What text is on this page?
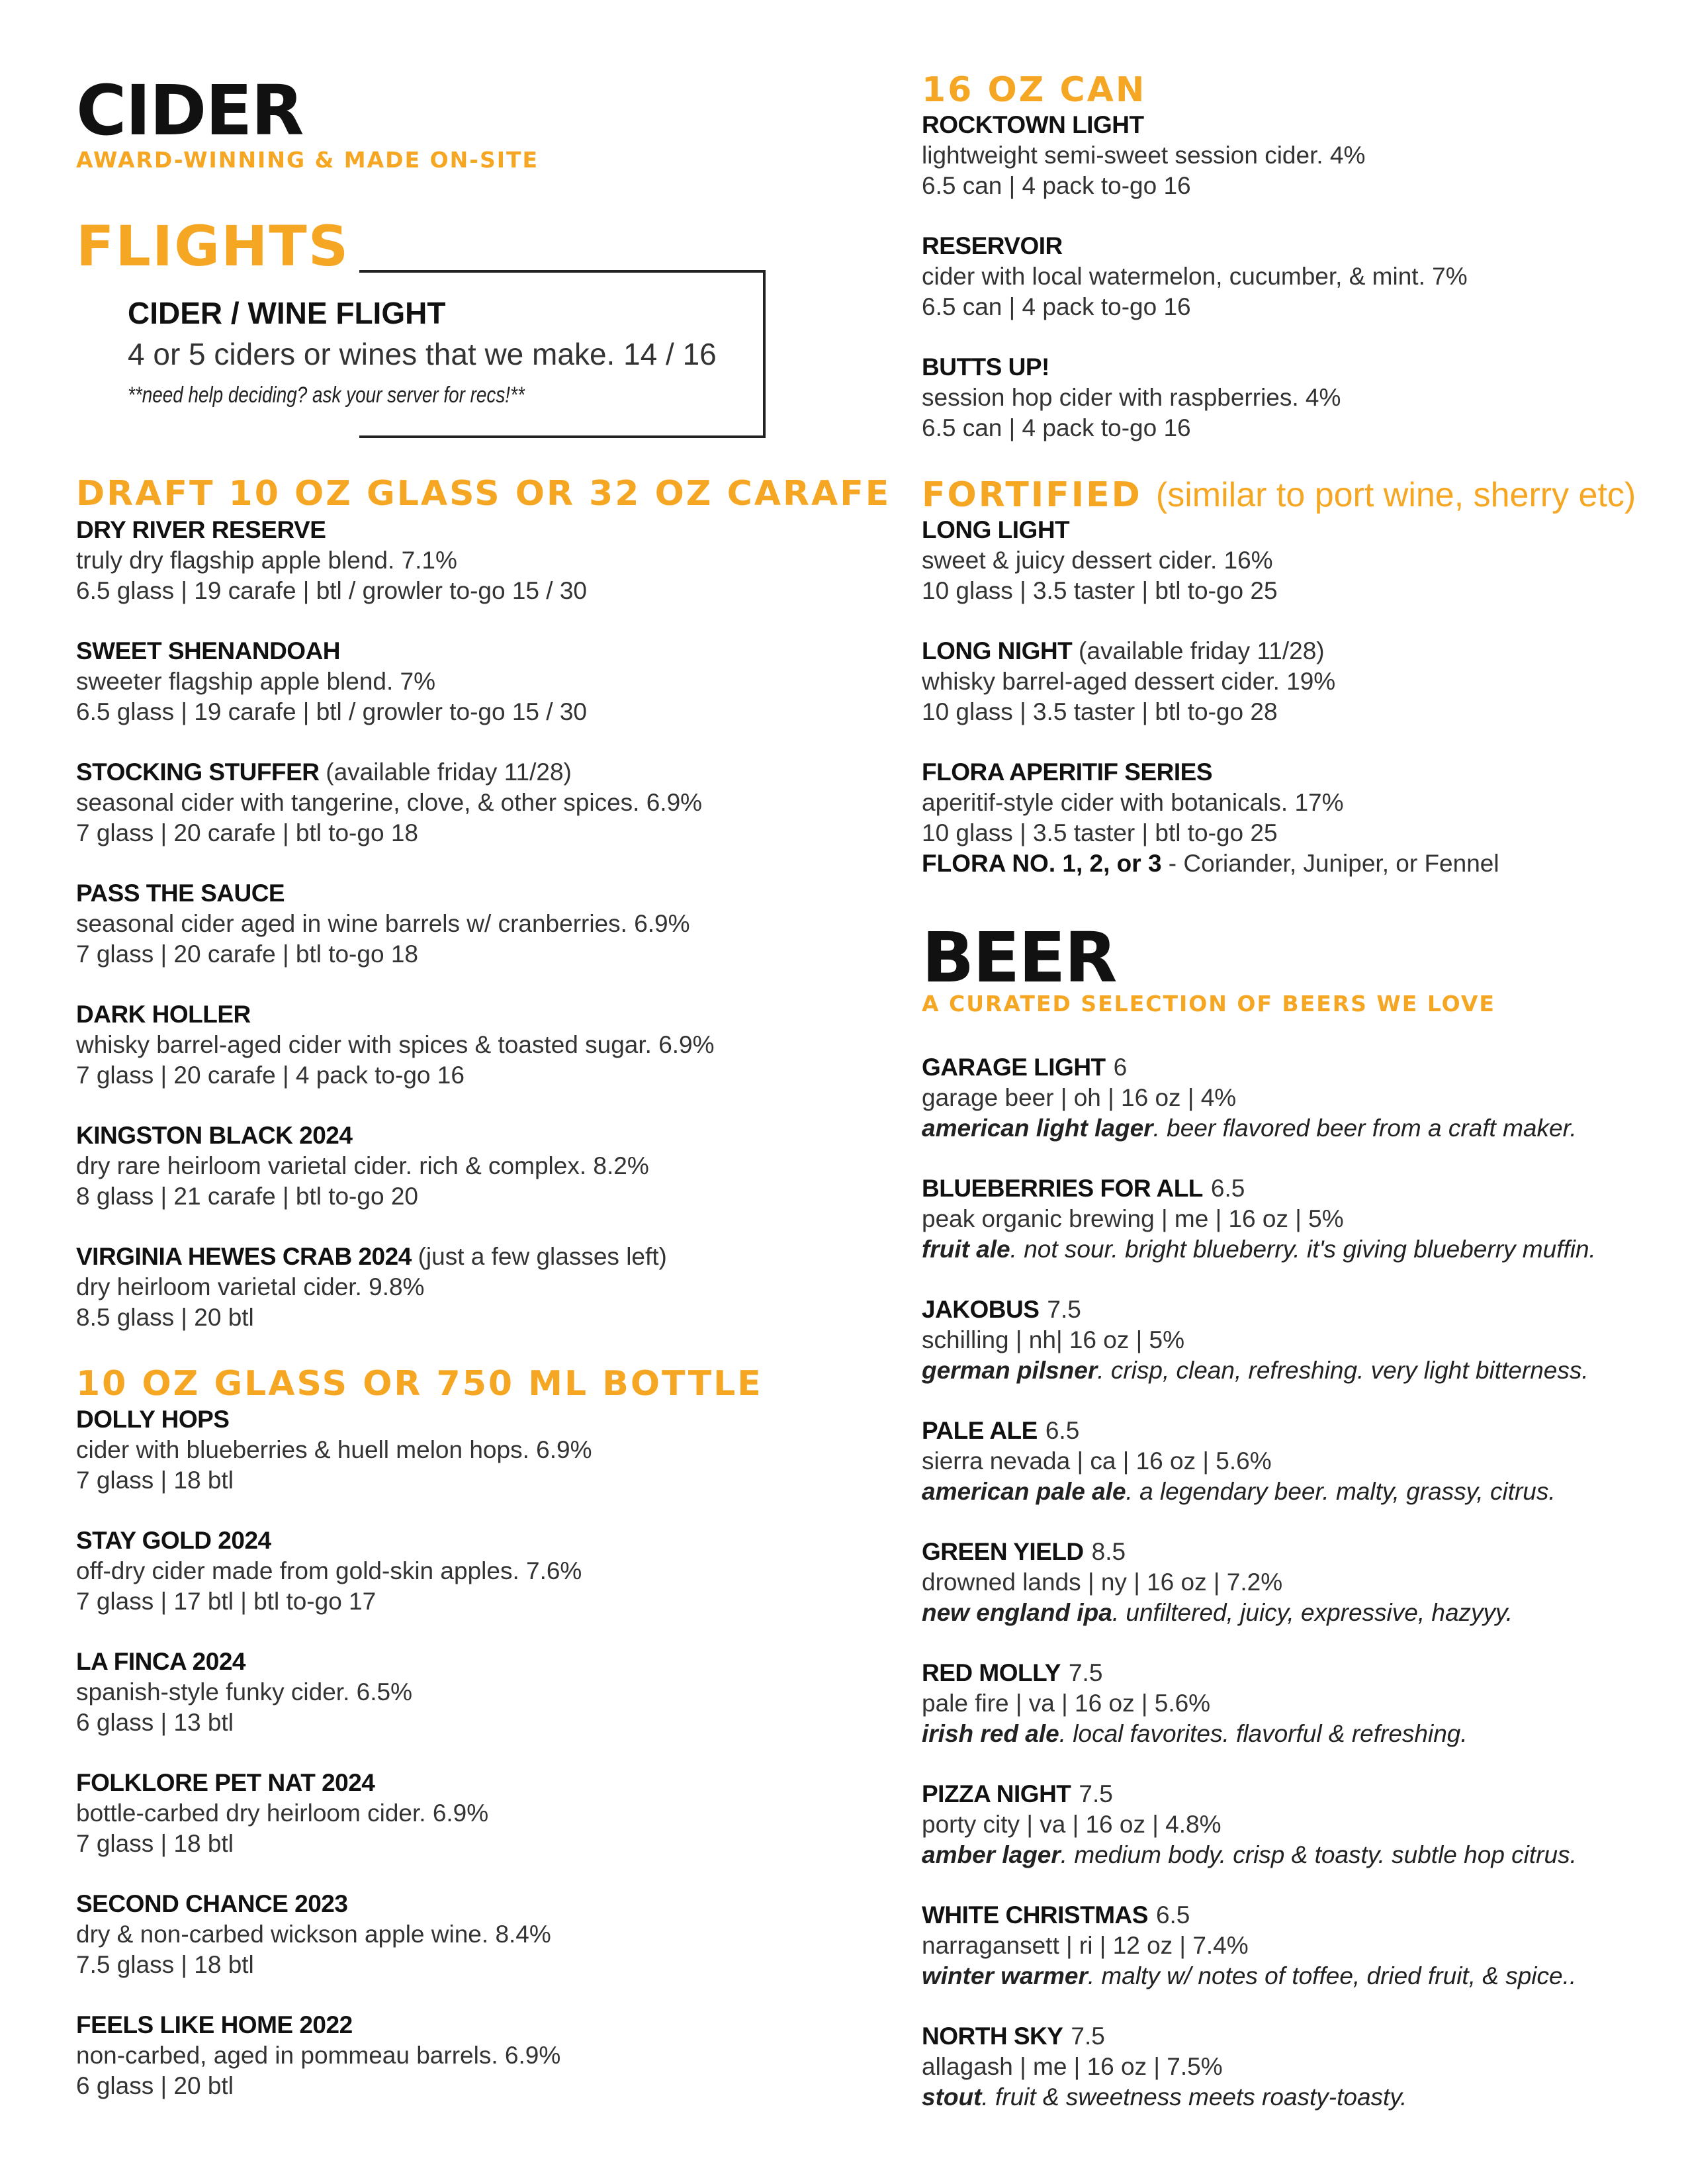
CIDER
AWARD-WINNING & MADE ON-SITE
FLIGHTS
CIDER / WINE FLIGHT
4 or 5 ciders or wines that we make. 14 / 16
**need help deciding? ask your server for recs!**
DRAFT 10 OZ GLASS OR 32 OZ CARAFE
DRY RIVER RESERVE
truly dry flagship apple blend. 7.1%
6.5 glass | 19 carafe | btl / growler to-go 15 / 30
SWEET SHENANDOAH
sweeter flagship apple blend. 7%
6.5 glass | 19 carafe | btl / growler to-go 15 / 30
STOCKING STUFFER (available friday 11/28)
seasonal cider with tangerine, clove, & other spices. 6.9%
7 glass | 20 carafe | btl to-go 18
PASS THE SAUCE
seasonal cider aged in wine barrels w/ cranberries. 6.9%
7 glass | 20 carafe | btl to-go 18
DARK HOLLER
whisky barrel-aged cider with spices & toasted sugar. 6.9%
7 glass | 20 carafe | 4 pack to-go 16
KINGSTON BLACK 2024
dry rare heirloom varietal cider. rich & complex. 8.2%
8 glass | 21 carafe | btl to-go 20
VIRGINIA HEWES CRAB 2024 (just a few glasses left)
dry heirloom varietal cider. 9.8%
8.5 glass | 20 btl
10 OZ GLASS OR 750 ML BOTTLE
DOLLY HOPS
cider with blueberries & huell melon hops. 6.9%
7 glass | 18 btl
STAY GOLD 2024
off-dry cider made from gold-skin apples. 7.6%
7 glass | 17 btl | btl to-go 17
LA FINCA 2024
spanish-style funky cider. 6.5%
6 glass | 13 btl
FOLKLORE PET NAT 2024
bottle-carbed dry heirloom cider. 6.9%
7 glass | 18 btl
SECOND CHANCE 2023
dry & non-carbed wickson apple wine. 8.4%
7.5 glass | 18 btl
FEELS LIKE HOME 2022
non-carbed, aged in pommeau barrels. 6.9%
6 glass | 20 btl
16 OZ CAN
ROCKTOWN LIGHT
lightweight semi-sweet session cider. 4%
6.5 can | 4 pack to-go 16
RESERVOIR
cider with local watermelon, cucumber, & mint. 7%
6.5 can | 4 pack to-go 16
BUTTS UP!
session hop cider with raspberries. 4%
6.5 can | 4 pack to-go 16
FORTIFIED (similar to port wine, sherry etc)
LONG LIGHT
sweet & juicy dessert cider. 16%
10 glass | 3.5 taster | btl to-go 25
LONG NIGHT (available friday 11/28)
whisky barrel-aged dessert cider. 19%
10 glass | 3.5 taster | btl to-go 28
FLORA APERITIF SERIES
aperitif-style cider with botanicals. 17%
10 glass | 3.5 taster | btl to-go 25
FLORA NO. 1, 2, or 3 - Coriander, Juniper, or Fennel
BEER
A CURATED SELECTION OF BEERS WE LOVE
GARAGE LIGHT 6
garage beer | oh | 16 oz | 4%
american light lager. beer flavored beer from a craft maker.
BLUEBERRIES FOR ALL 6.5
peak organic brewing | me | 16 oz | 5%
fruit ale. not sour. bright blueberry. it's giving blueberry muffin.
JAKOBUS 7.5
schilling | nh| 16 oz | 5%
german pilsner. crisp, clean, refreshing. very light bitterness.
PALE ALE 6.5
sierra nevada | ca | 16 oz | 5.6%
american pale ale. a legendary beer. malty, grassy, citrus.
GREEN YIELD 8.5
drowned lands | ny | 16 oz | 7.2%
new england ipa. unfiltered, juicy, expressive, hazyyy.
RED MOLLY 7.5
pale fire | va | 16 oz | 5.6%
irish red ale. local favorites. flavorful & refreshing.
PIZZA NIGHT 7.5
porty city | va | 16 oz | 4.8%
amber lager. medium body. crisp & toasty. subtle hop citrus.
WHITE CHRISTMAS 6.5
narragansett | ri | 12 oz | 7.4%
winter warmer. malty w/ notes of toffee, dried fruit, & spice..
NORTH SKY 7.5
allagash | me | 16 oz | 7.5%
stout. fruit & sweetness meets roasty-toasty.
